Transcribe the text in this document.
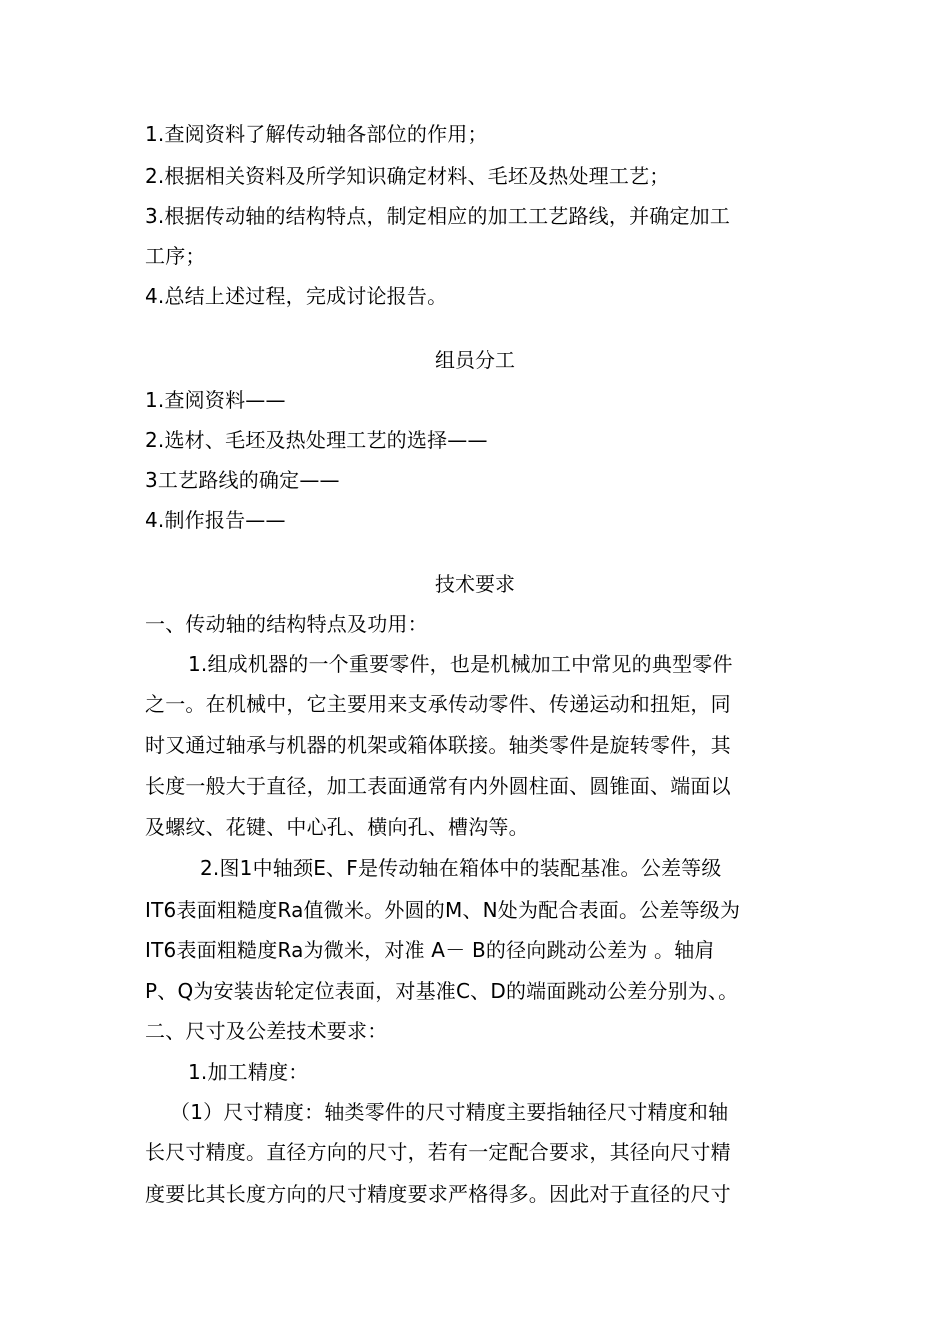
1.查阅资料了解传动轴各部位的作用；
2.根据相关资料及所学知识确定材料、毛坯及热处理工艺；
3.根据传动轴的结构特点，制定相应的加工工艺路线，并确定加工
工序；
4.总结上述过程，完成讨论报告。
组员分工
1.查阅资料——
2.选材、毛坯及热处理工艺的选择——
3工艺路线的确定——
4.制作报告——
技术要求
一、传动轴的结构特点及功用：
1.组成机器的一个重要零件，也是机械加工中常见的典型零件
之一。在机械中，它主要用来支承传动零件、传递运动和扭矩，同
时又通过轴承与机器的机架或箱体联接。轴类零件是旋转零件，其
长度一般大于直径，加工表面通常有内外圆柱面、圆锥面、端面以
及螺纹、花键、中心孔、横向孔、槽沟等。
2.图1中轴颈E、F是传动轴在箱体中的装配基准。公差等级
IT6表面粗糙度Ra值微米。外圆的M、N处为配合表面。公差等级为
IT6表面粗糙度Ra为微米，对准 A－ B的径向跳动公差为 。轴肩
P、Q为安装齿轮定位表面，对基准C、D的端面跳动公差分别为、。
二、尺寸及公差技术要求：
1.加工精度：
（1）尺寸精度：轴类零件的尺寸精度主要指轴径尺寸精度和轴
长尺寸精度。直径方向的尺寸，若有一定配合要求，其径向尺寸精
度要比其长度方向的尺寸精度要求严格得多。因此对于直径的尺寸
